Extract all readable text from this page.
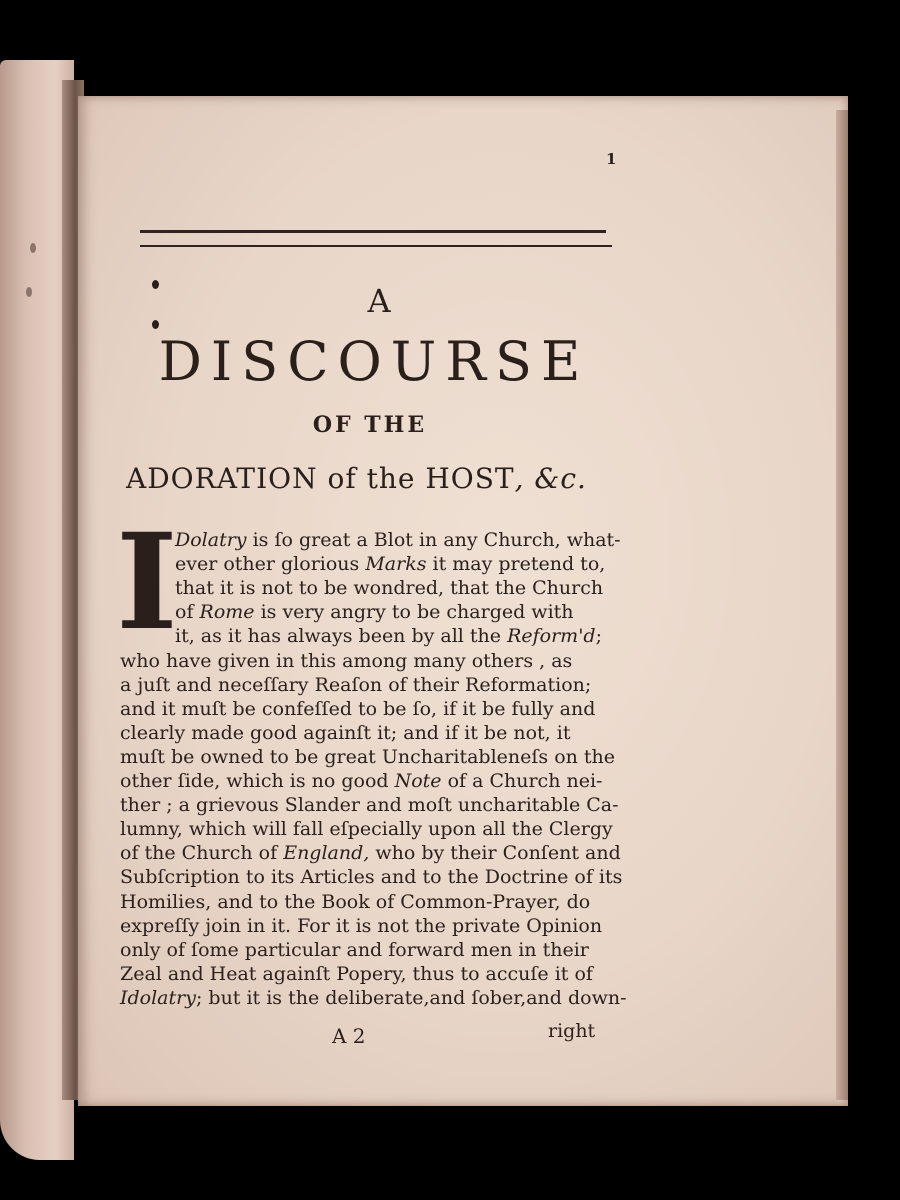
1
A
DISCOURSE
OF THE
ADORATION of the HOST, &c.
I
Dolatry is ſo great a Blot in any Church, what-
ever other glorious Marks it may pretend to,
that it is not to be wondred, that the Church
of Rome is very angry to be charged with
it, as it has always been by all the Reform'd;
who have given in this among many others , as
a juſt and neceſſary Reaſon of their Reformation;
and it muſt be confeſſed to be ſo, if it be fully and
clearly made good againſt it; and if it be not, it
muſt be owned to be great Uncharitableneſs on the
other ſide, which is no good Note of a Church nei-
ther ; a grievous Slander and moſt uncharitable Ca-
lumny, which will fall eſpecially upon all the Clergy
of the Church of England, who by their Conſent and
Subſcription to its Articles and to the Doctrine of its
Homilies, and to the Book of Common-Prayer, do
expreſſy join in it. For it is not the private Opinion
only of ſome particular and forward men in their
Zeal and Heat againſt Popery, thus to accuſe it of
Idolatry; but it is the deliberate,and ſober,and down-
A 2	right
